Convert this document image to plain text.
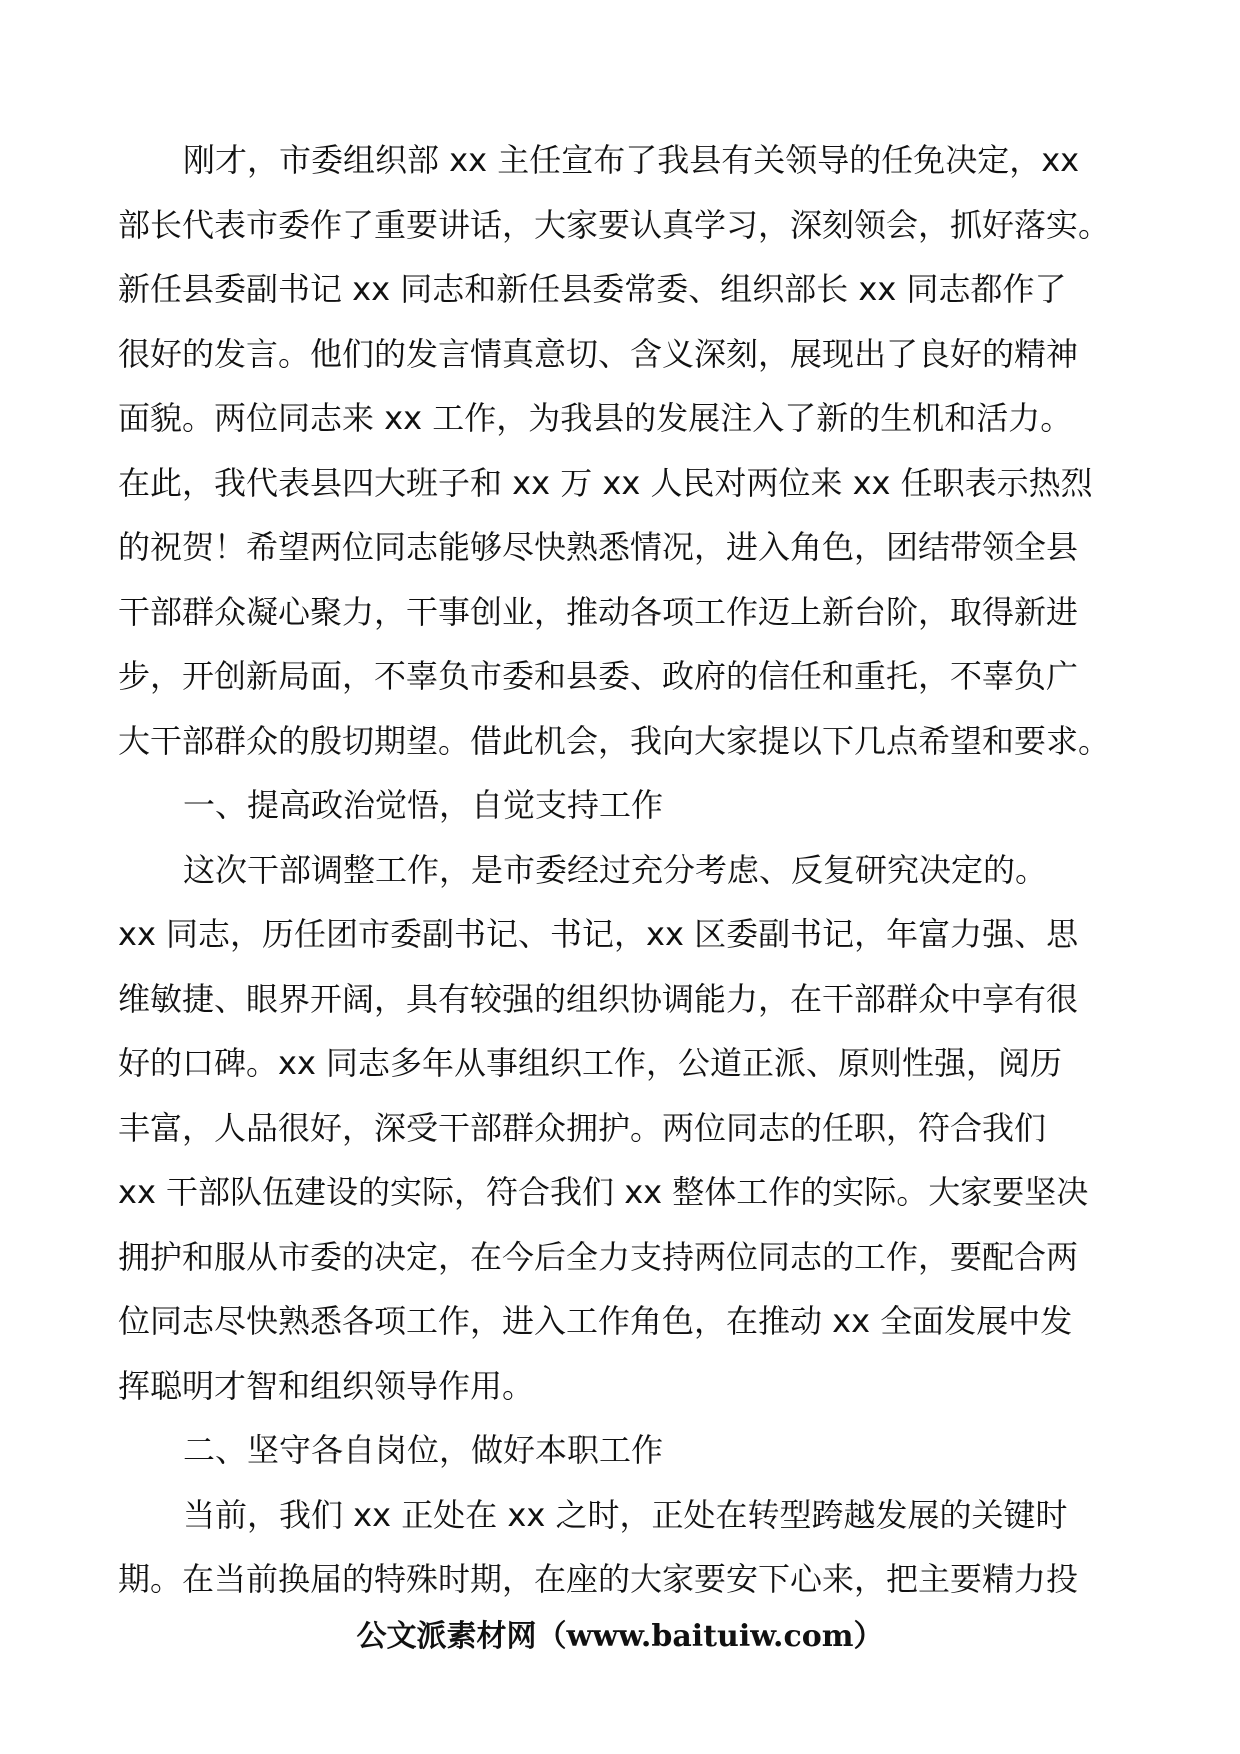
刚才，市委组织部 xx 主任宣布了我县有关领导的任免决定，xx
部长代表市委作了重要讲话，大家要认真学习，深刻领会，抓好落实。
新任县委副书记 xx 同志和新任县委常委、组织部长 xx 同志都作了
很好的发言。他们的发言情真意切、含义深刻，展现出了良好的精神
面貌。两位同志来 xx 工作，为我县的发展注入了新的生机和活力。
在此，我代表县四大班子和 xx 万 xx 人民对两位来 xx 任职表示热烈
的祝贺！希望两位同志能够尽快熟悉情况，进入角色，团结带领全县
干部群众凝心聚力，干事创业，推动各项工作迈上新台阶，取得新进
步，开创新局面，不辜负市委和县委、政府的信任和重托，不辜负广
大干部群众的殷切期望。借此机会，我向大家提以下几点希望和要求。
一、提高政治觉悟，自觉支持工作
这次干部调整工作，是市委经过充分考虑、反复研究决定的。
xx 同志，历任团市委副书记、书记，xx 区委副书记，年富力强、思
维敏捷、眼界开阔，具有较强的组织协调能力，在干部群众中享有很
好的口碑。xx 同志多年从事组织工作，公道正派、原则性强，阅历
丰富，人品很好，深受干部群众拥护。两位同志的任职，符合我们
xx 干部队伍建设的实际，符合我们 xx 整体工作的实际。大家要坚决
拥护和服从市委的决定，在今后全力支持两位同志的工作，要配合两
位同志尽快熟悉各项工作，进入工作角色，在推动 xx 全面发展中发
挥聪明才智和组织领导作用。
二、坚守各自岗位，做好本职工作
当前，我们 xx 正处在 xx 之时，正处在转型跨越发展的关键时
期。在当前换届的特殊时期，在座的大家要安下心来，把主要精力投
公文派素材网（www.baituiw.com）
